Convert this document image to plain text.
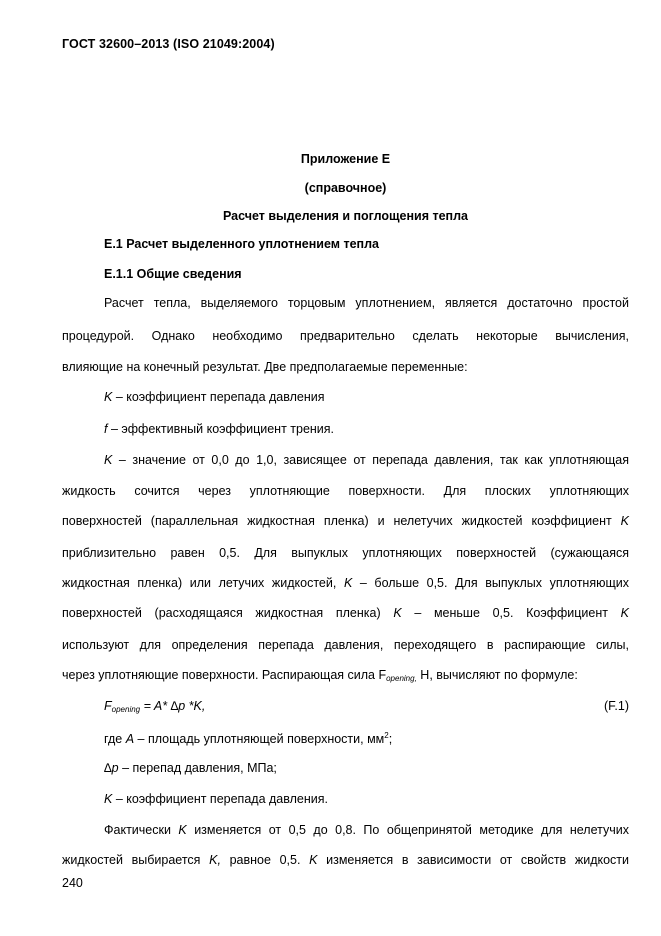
ГОСТ 32600–2013 (ISO 21049:2004)
Приложение Е
(справочное)
Расчет выделения и поглощения тепла
Е.1 Расчет выделенного уплотнением тепла
Е.1.1 Общие сведения
Расчет тепла, выделяемого торцовым уплотнением, является достаточно простой
процедурой. Однако необходимо предварительно сделать некоторые вычисления,
влияющие на конечный результат. Две предполагаемые переменные:
K – коэффициент перепада давления
f – эффективный коэффициент трения.
K – значение от 0,0 до 1,0, зависящее от перепада давления, так как уплотняющая
жидкость сочится через уплотняющие поверхности. Для плоских уплотняющих
поверхностей (параллельная жидкостная пленка) и нелетучих жидкостей коэффициент K
приблизительно равен 0,5. Для выпуклых уплотняющих поверхностей (сужающаяся
жидкостная пленка) или летучих жидкостей, K – больше 0,5. Для выпуклых уплотняющих
поверхностей (расходящаяся жидкостная пленка) K – меньше 0,5. Коэффициент K
используют для определения перепада давления, переходящего в распирающие силы,
через уплотняющие поверхности. Распирающая сила $F_{opening,}$ Н, вычисляют по формуле:
$F_{opening} = A*$ ∆p *K,	(F.1)
где A – площадь уплотняющей поверхности, $мм^2$;
∆p – перепад давления, МПа;
K – коэффициент перепада давления.
Фактически K изменяется от 0,5 до 0,8. По общепринятой методике для нелетучих
жидкостей выбирается K, равное 0,5. K изменяется в зависимости от свойств жидкости
240
